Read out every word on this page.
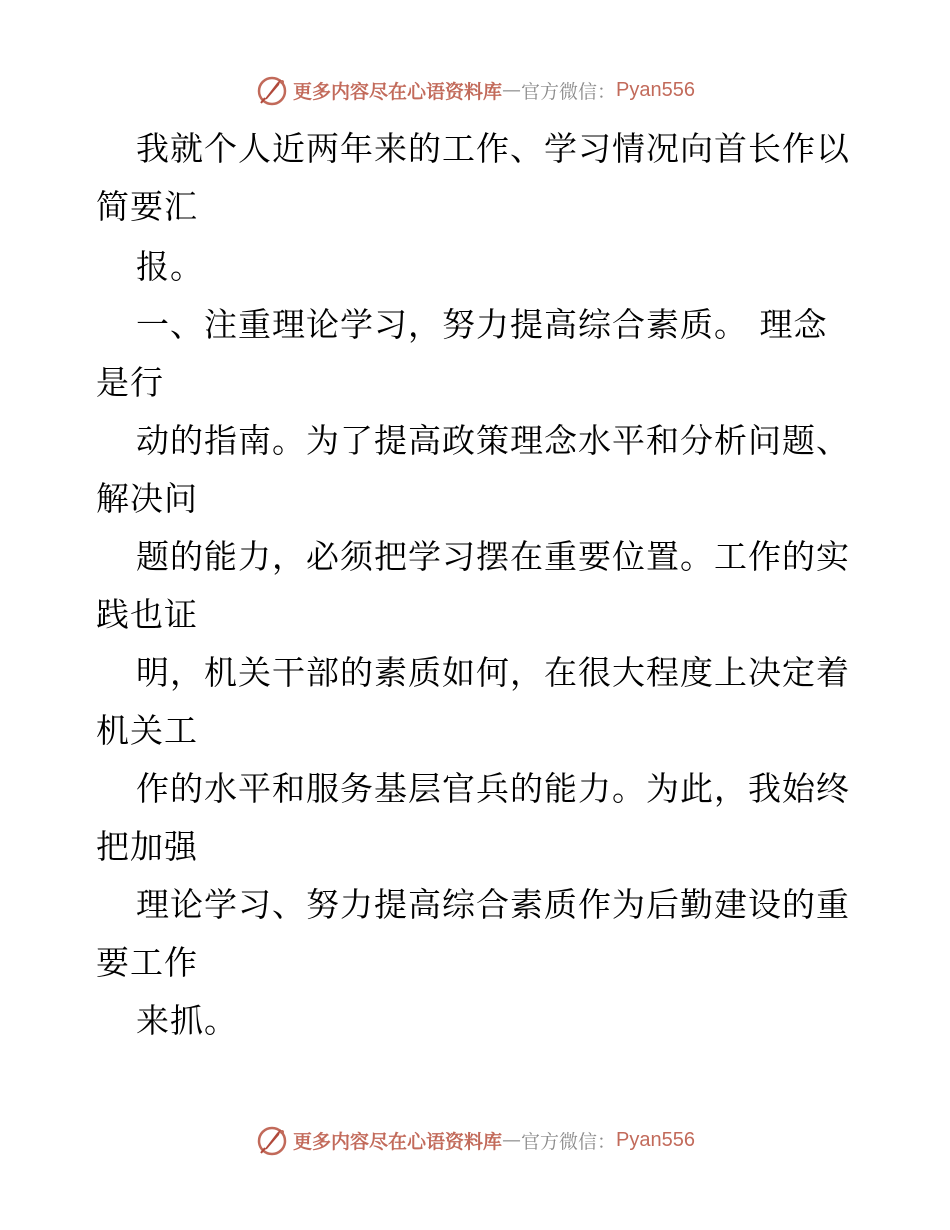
更多内容尽在心语资料库 — 官方微信： Pyan556
我就个人近两年来的工作、学习情况向首长作以
简要汇
报。
一、注重理论学习，努力提高综合素质。 理念
是行
动的指南。为了提高政策理念水平和分析问题、
解决问
题的能力，必须把学习摆在重要位置。工作的实
践也证
明，机关干部的素质如何，在很大程度上决定着
机关工
作的水平和服务基层官兵的能力。为此，我始终
把加强
理论学习、努力提高综合素质作为后勤建设的重
要工作
来抓。
更多内容尽在心语资料库 — 官方微信： Pyan556
